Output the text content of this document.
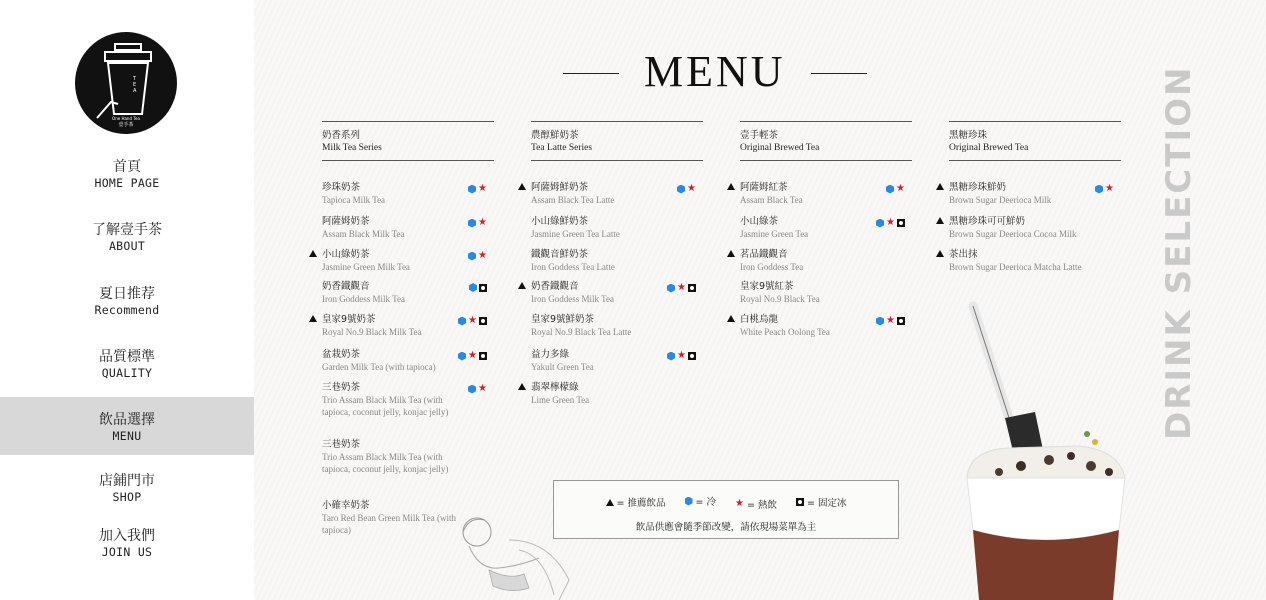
T
E
A
One Hand Tea
壹手茶
首頁
HOME PAGE
了解壹手茶
ABOUT
夏日推荐
Recommend
品質標準
QUALITY
飲品選擇
MENU
店鋪門市
SHOP
加入我們
JOIN US
MENU	DRINK SELECTION
奶香系列
Milk Tea Series
珍珠奶茶
Tapioca Milk Tea
★
阿薩姆奶茶
Assam Black Milk Tea
★
小山綠奶茶
Jasmine Green Milk Tea
★
奶香鐵觀音
Iron Goddess Milk Tea
皇家9號奶茶
Royal No.9 Black Milk Tea
★
盆栽奶茶
Garden Milk Tea (with tapioca)
★
三巷奶茶
Trio Assam Black Milk Tea (with tapioca, coconut jelly, konjac jelly)
★
三巷奶茶
Trio Assam Black Milk Tea (with tapioca, coconut jelly, konjac jelly)
小確幸奶茶
Taro Red Bean Green Milk Tea (with tapioca)
農醇鮮奶茶
Tea Latte Series
阿薩姆鮮奶茶
Assam Black Tea Latte
★
小山綠鮮奶茶
Jasmine Green Tea Latte
鐵觀音鮮奶茶
Iron Goddess Tea Latte
奶香鐵觀音
Iron Goddess Milk Tea
★
皇家9號鮮奶茶
Royal No.9 Black Tea Latte
益力多綠
Yakult Green Tea
★
翡翠檸檬綠
Lime Green Tea
壹手輕茶
Original Brewed Tea
阿薩姆紅茶
Assam Black Tea
★
小山綠茶
Jasmine Green Tea
★
茗品鐵觀音
Iron Goddess Tea
皇家9號紅茶
Royal No.9 Black Tea
白桃烏龍
White Peach Oolong Tea
★
黑糖珍珠
Original Brewed Tea
黑糖珍珠鮮奶
Brown Sugar Deerioca Milk
★
黑糖珍珠可可鮮奶
Brown Sugar Deerioca Cocoa Milk
茶出抹
Brown Sugar Deerioca Matcha Latte
= 推薦飲品
	= 冷
★ = 熱飲
	= 固定冰
飲品供應會隨季節改變，請依現場菜單為主
